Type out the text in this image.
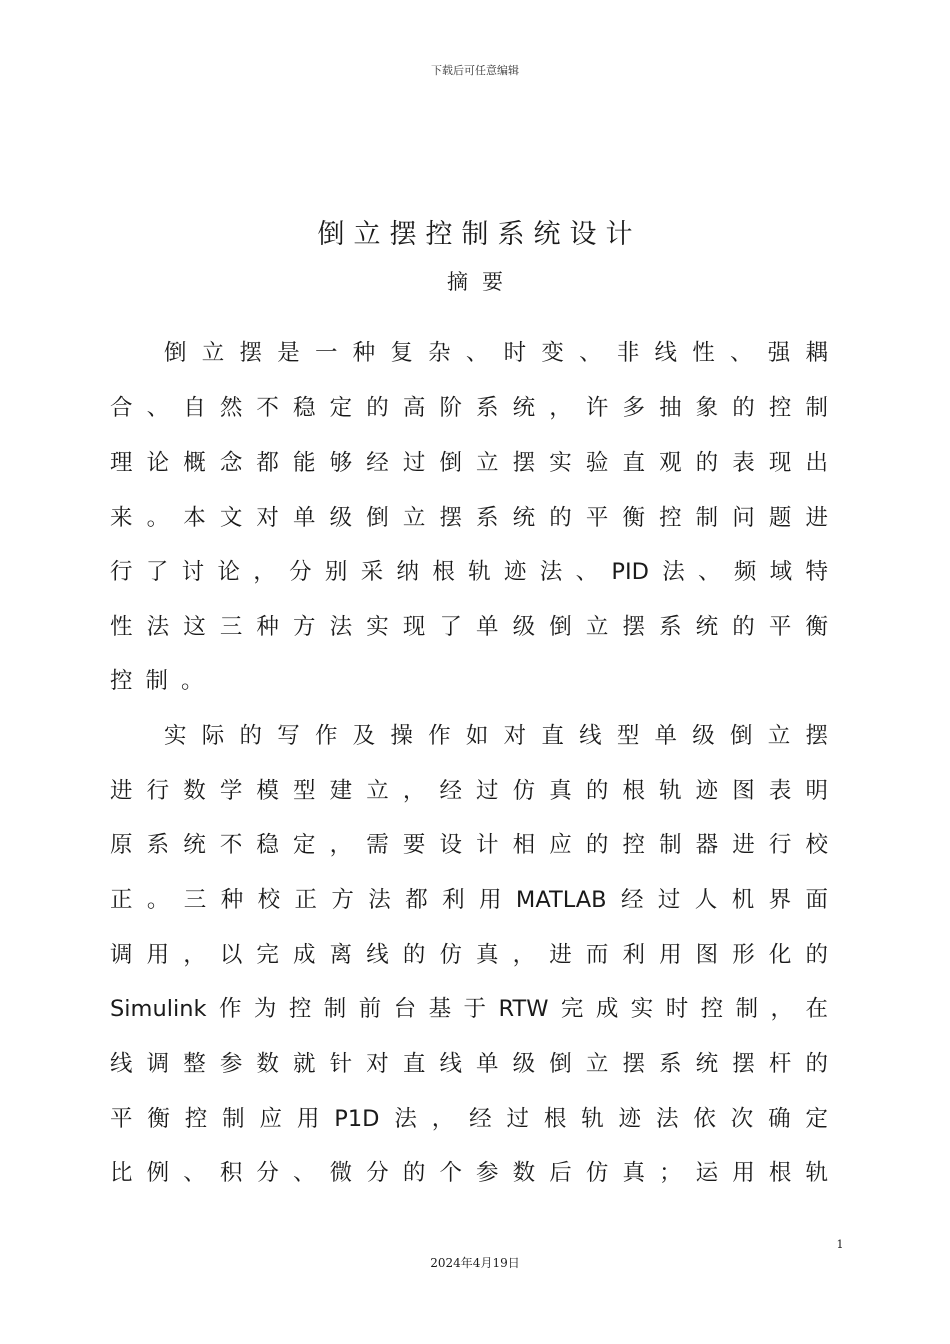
下载后可任意编辑
倒立摆控制系统设计
摘要
倒立摆是一种复杂、时变、非线性、强耦
合、自然不稳定的高阶系统，许多抽象的控制
理论概念都能够经过倒立摆实验直观的表现出
来。本文对单级倒立摆系统的平衡控制问题进
行了讨论，分别采纳根轨迹法、PID法、频域特
性法这三种方法实现了单级倒立摆系统的平衡
控制。
实际的写作及操作如对直线型单级倒立摆
进行数学模型建立，经过仿真的根轨迹图表明
原系统不稳定，需要设计相应的控制器进行校
正。三种校正方法都利用MATLAB经过人机界面
调用，以完成离线的仿真，进而利用图形化的
Simulink作为控制前台基于RTW完成实时控制，在
线调整参数就针对直线单级倒立摆系统摆杆的
平衡控制应用P1D法，经过根轨迹法依次确定
比例、积分、微分的个参数后仿真；运用根轨
1
2024年4月19日
